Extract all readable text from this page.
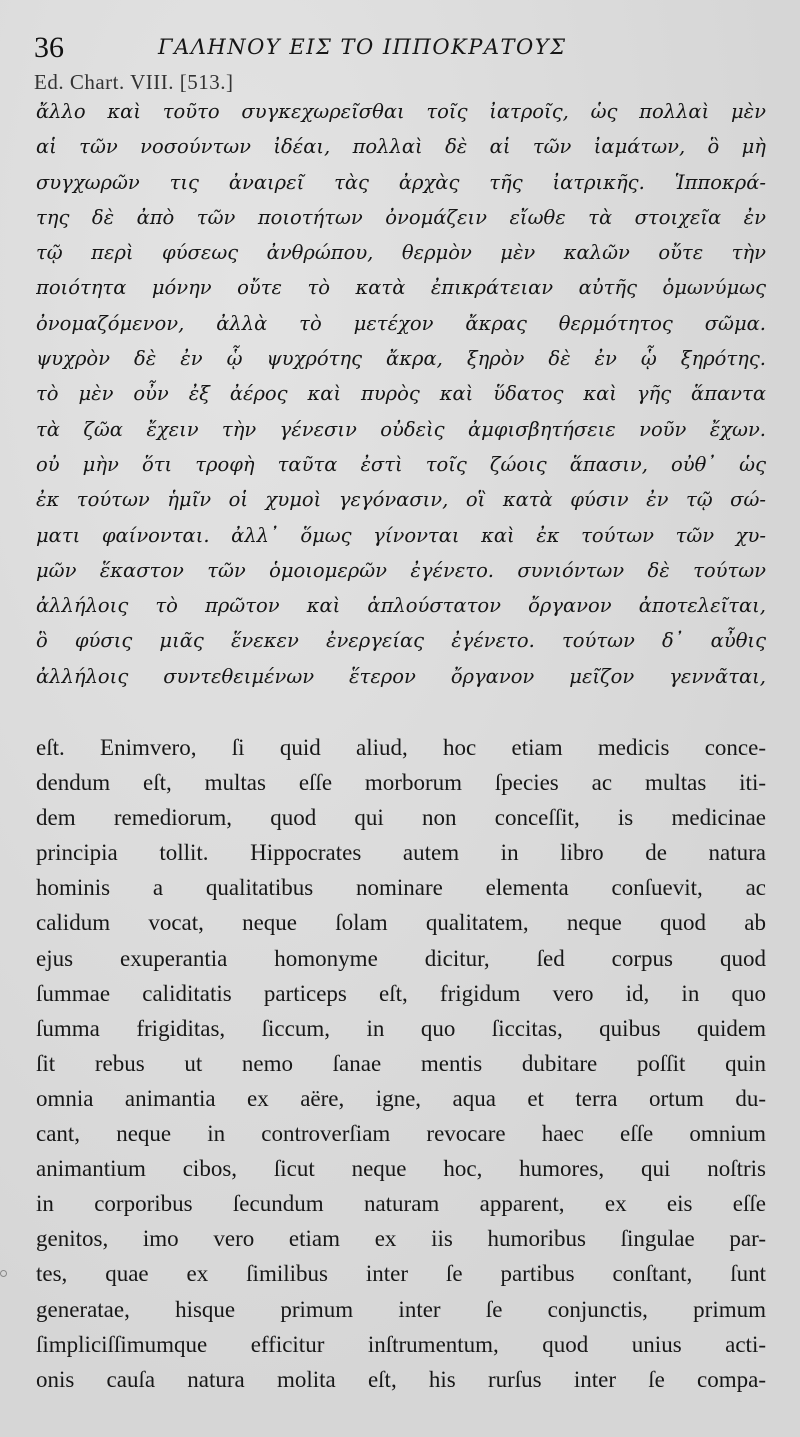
36	ΓΑΛΗΝΟΥ ΕΙΣ ΤΟ ΙΠΠΟΚΡΑΤΟΥΣ
Ed. Chart. VIII. [513.]
ἄλλο καὶ τοῦτο συγκεχωρεῖσθαι τοῖς ἰατροῖς, ὡς πολλαὶ μὲν
αἱ τῶν νοσούντων ἰδέαι, πολλαὶ δὲ αἱ τῶν ἰαμάτων, ὃ μὴ
συγχωρῶν τις ἀναιρεῖ τὰς ἀρχὰς τῆς ἰατρικῆς. Ἱπποκρά-
της δὲ ἀπὸ τῶν ποιοτήτων ὀνομάζειν εἴωθε τὰ στοιχεῖα ἐν
τῷ περὶ φύσεως ἀνθρώπου, θερμὸν μὲν καλῶν οὔτε τὴν
ποιότητα μόνην οὔτε τὸ κατὰ ἐπικράτειαν αὐτῆς ὁμωνύμως
ὀνομαζόμενον, ἀλλὰ τὸ μετέχον ἄκρας θερμότητος σῶμα.
ψυχρὸν δὲ ἐν ᾧ ψυχρότης ἄκρα, ξηρὸν δὲ ἐν ᾧ ξηρότης.
τὸ μὲν οὖν ἐξ ἀέρος καὶ πυρὸς καὶ ὕδατος καὶ γῆς ἅπαντα
τὰ ζῶα ἔχειν τὴν γένεσιν οὐδεὶς ἀμφισβητήσειε νοῦν ἔχων.
οὐ μὴν ὅτι τροφὴ ταῦτα ἐστὶ τοῖς ζώοις ἅπασιν, οὐθ᾽ ὡς
ἐκ τούτων ἡμῖν οἱ χυμοὶ γεγόνασιν, οἳ κατὰ φύσιν ἐν τῷ σώ-
ματι φαίνονται. ἀλλ᾽ ὅμως γίνονται καὶ ἐκ τούτων τῶν χυ-
μῶν ἕκαστον τῶν ὁμοιομερῶν ἐγένετο. συνιόντων δὲ τούτων
ἀλλήλοις τὸ πρῶτον καὶ ἁπλούστατον ὄργανον ἀποτελεῖται,
ὃ φύσις μιᾶς ἕνεκεν ἐνεργείας ἐγένετο. τούτων δ᾽ αὖθις
ἀλλήλοις συντεθειμένων ἕτερον ὄργανον μεῖζον γεννᾶται,
eſt. Enimvero, ſi quid aliud, hoc etiam medicis conce-
dendum eſt, multas eſſe morborum ſpecies ac multas iti-
dem remediorum, quod qui non conceſſit, is medicinae
principia tollit. Hippocrates autem in libro de natura
hominis a qualitatibus nominare elementa conſuevit, ac
calidum vocat, neque ſolam qualitatem, neque quod ab
ejus exuperantia homonyme dicitur, ſed corpus quod
ſummae caliditatis particeps eſt, frigidum vero id, in quo
ſumma frigiditas, ſiccum, in quo ſiccitas, quibus quidem
ſit rebus ut nemo ſanae mentis dubitare poſſit quin
omnia animantia ex aëre, igne, aqua et terra ortum du-
cant, neque in controverſiam revocare haec eſſe omnium
animantium cibos, ſicut neque hoc, humores, qui noſtris
in corporibus ſecundum naturam apparent, ex eis eſſe
genitos, imo vero etiam ex iis humoribus ſingulae par-
tes, quae ex ſimilibus inter ſe partibus conſtant, ſunt
generatae, hisque primum inter ſe conjunctis, primum
ſimpliciſſimumque efficitur inſtrumentum, quod unius acti-
onis cauſa natura molita eſt, his rurſus inter ſe compa-
